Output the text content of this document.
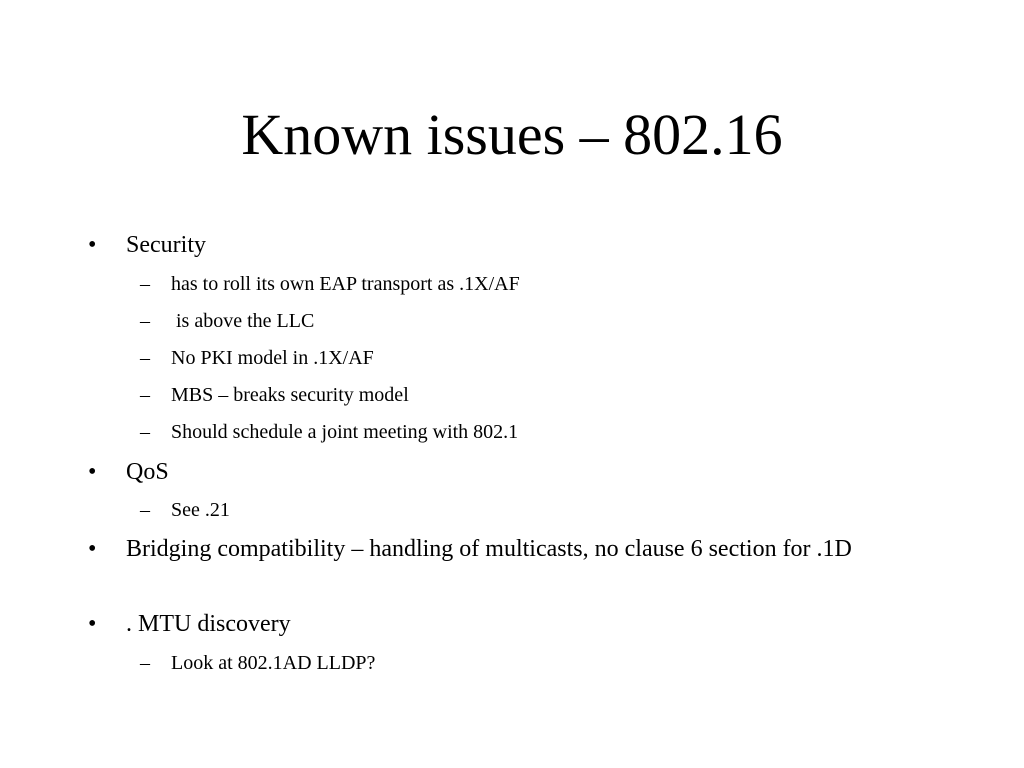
Known issues – 802.16
•	Security
–	has to roll its own EAP transport as .1X/AF
–	is above the LLC
–	No PKI model in .1X/AF
–	MBS – breaks security model
–	Should schedule a joint meeting with 802.1
•	QoS
–	See .21
•	Bridging compatibility – handling of multicasts, no clause 6 section for .1D
•	. MTU discovery
–	Look at 802.1AD LLDP?
